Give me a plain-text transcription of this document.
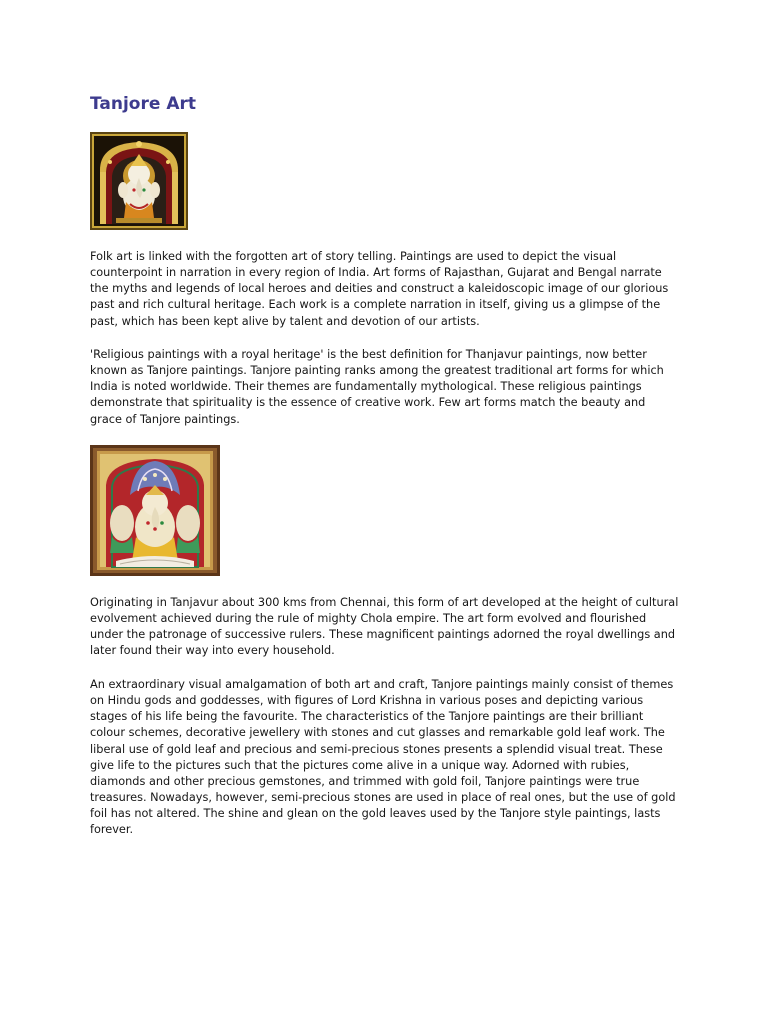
Tanjore Art

Folk art is linked with the forgotten art of story telling. Paintings are used to depict the visual counterpoint in narration in every region of India. Art forms of Rajasthan, Gujarat and Bengal narrate the myths and legends of local heroes and deities and construct a kaleidoscopic image of our glorious past and rich cultural heritage. Each work is a complete narration in itself, giving us a glimpse of the past, which has been kept alive by talent and devotion of our artists.

'Religious paintings with a royal heritage' is the best definition for Thanjavur paintings, now better known as Tanjore paintings. Tanjore painting ranks among the greatest traditional art forms for which India is noted worldwide. Their themes are fundamentally mythological. These religious paintings demonstrate that spirituality is the essence of creative work. Few art forms match the beauty and grace of Tanjore paintings.

Originating in Tanjavur about 300 kms from Chennai, this form of art developed at the height of cultural evolvement achieved during the rule of mighty Chola empire. The art form evolved and flourished under the patronage of successive rulers. These magnificent paintings adorned the royal dwellings and later found their way into every household.

An extraordinary visual amalgamation of both art and craft, Tanjore paintings mainly consist of themes on Hindu gods and goddesses, with figures of Lord Krishna in various poses and depicting various stages of his life being the favourite. The characteristics of the Tanjore paintings are their brilliant colour schemes, decorative jewellery with stones and cut glasses and remarkable gold leaf work. The liberal use of gold leaf and precious and semi-precious stones presents a splendid visual treat. These give life to the pictures such that the pictures come alive in a unique way. Adorned with rubies, diamonds and other precious gemstones, and trimmed with gold foil, Tanjore paintings were true treasures. Nowadays, however, semi-precious stones are used in place of real ones, but the use of gold foil has not altered. The shine and glean on the gold leaves used by the Tanjore style paintings, lasts forever.
